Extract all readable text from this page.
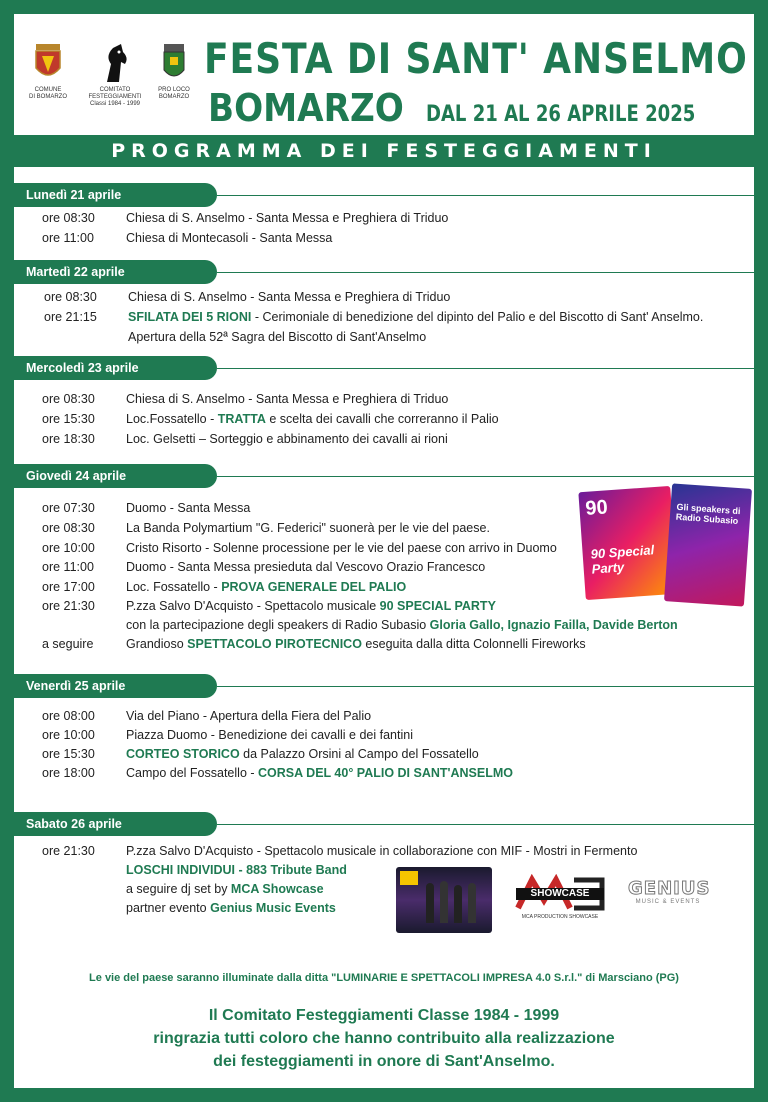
COMUNE
DI BOMARZO
COMITATO FESTEGGIAMENTI
Classi 1984 - 1999
PRO LOCO
BOMARZO
FESTA DI SANT' ANSELMO
BOMARZO DAL 21 AL 26 APRILE 2025
PROGRAMMA DEI FESTEGGIAMENTI
Lunedì 21 aprile
ore 08:30 Chiesa di S. Anselmo - Santa Messa e Preghiera di Triduo
ore 11:00	Chiesa di Montecasoli - Santa Messa
Martedì 22 aprile
ore 08:30 Chiesa di S. Anselmo - Santa Messa e Preghiera di Triduo
ore 21:15 SFILATA DEI 5 RIONI - Cerimoniale di benedizione del dipinto del Palio e del Biscotto di Sant' Anselmo.
Apertura della 52ª Sagra del Biscotto di Sant'Anselmo
Mercoledì 23 aprile
ore 08:30 Chiesa di S. Anselmo - Santa Messa e Preghiera di Triduo
ore 15:30 Loc.Fossatello - TRATTA e scelta dei cavalli che correranno il Palio
ore 18:30 Loc. Gelsetti – Sorteggio e abbinamento dei cavalli ai rioni
Giovedì 24 aprile
ore 07:30 Duomo - Santa Messa
ore 08:30 La Banda Polymartium "G. Federici" suonerà per le vie del paese.
ore 10:00 Cristo Risorto - Solenne processione per le vie del paese con arrivo in Duomo
ore 11:00	Duomo - Santa Messa presieduta dal Vescovo Orazio Francesco
ore 17:00 Loc. Fossatello - PROVA GENERALE DEL PALIO
ore 21:30 P.zza Salvo D'Acquisto - Spettacolo musicale 90 SPECIAL PARTY
con la partecipazione degli speakers di Radio Subasio Gloria Gallo, Ignazio Failla, Davide Berton
a seguire	Grandioso SPETTACOLO PIROTECNICO eseguita dalla ditta Colonnelli Fireworks
90
90 Special Party
Gli speakers di Radio Subasio
Venerdì 25 aprile
ore 08:00 Via del Piano - Apertura della Fiera del Palio
ore 10:00 Piazza Duomo - Benedizione dei cavalli e dei fantini
ore 15:30 CORTEO STORICO da Palazzo Orsini al Campo del Fossatello
ore 18:00 Campo del Fossatello - CORSA DEL 40° PALIO DI SANT'ANSELMO
Sabato 26 aprile
ore 21:30 P.zza Salvo D'Acquisto - Spettacolo musicale in collaborazione con MIF - Mostri in Fermento
LOSCHI INDIVIDUI - 883 Tribute Band
a seguire dj set by MCA Showcase
partner evento Genius Music Events
SHOWCASE
MCA PRODUCTION SHOWCASE
GENIUS
MUSIC & EVENTS
Le vie del paese saranno illuminate dalla ditta "LUMINARIE E SPETTACOLI IMPRESA 4.0 S.r.l." di Marsciano (PG)
Il Comitato Festeggiamenti Classe 1984 - 1999
ringrazia tutti coloro che hanno contribuito alla realizzazione
dei festeggiamenti in onore di Sant'Anselmo.
